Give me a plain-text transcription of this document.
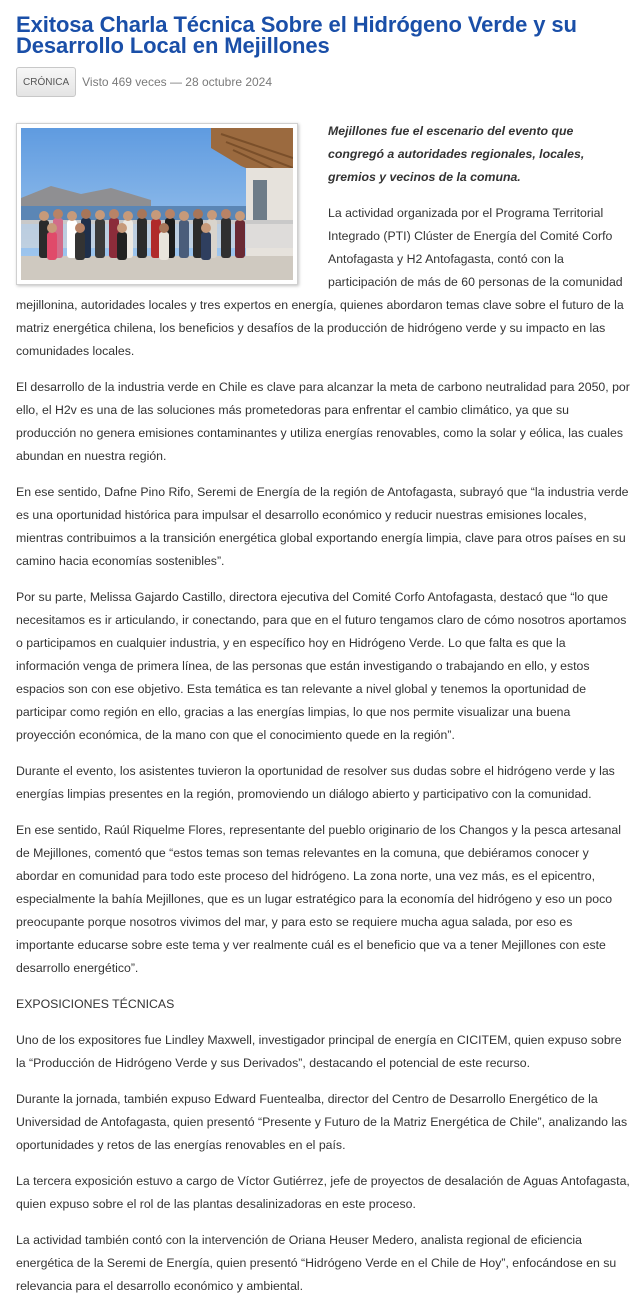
Exitosa Charla Técnica Sobre el Hidrógeno Verde y su Desarrollo Local en Mejillones
CRÓNICA	Visto 469 veces — 28 octubre 2024

Mejillones fue el escenario del evento que congregó a autoridades regionales, locales, gremios y vecinos de la comuna.

La actividad organizada por el Programa Territorial Integrado (PTI) Clúster de Energía del Comité Corfo Antofagasta y H2 Antofagasta, contó con la participación de más de 60 personas de la comunidad mejillonina, autoridades locales y tres expertos en energía, quienes abordaron temas clave sobre el futuro de la matriz energética chilena, los beneficios y desafíos de la producción de hidrógeno verde y su impacto en las comunidades locales.

El desarrollo de la industria verde en Chile es clave para alcanzar la meta de carbono neutralidad para 2050, por ello, el H2v es una de las soluciones más prometedoras para enfrentar el cambio climático, ya que su producción no genera emisiones contaminantes y utiliza energías renovables, como la solar y eólica, las cuales abundan en nuestra región.

En ese sentido, Dafne Pino Rifo, Seremi de Energía de la región de Antofagasta, subrayó que “la industria verde es una oportunidad histórica para impulsar el desarrollo económico y reducir nuestras emisiones locales, mientras contribuimos a la transición energética global exportando energía limpia, clave para otros países en su camino hacia economías sostenibles”.

Por su parte, Melissa Gajardo Castillo, directora ejecutiva del Comité Corfo Antofagasta, destacó que “lo que necesitamos es ir articulando, ir conectando, para que en el futuro tengamos claro de cómo nosotros aportamos o participamos en cualquier industria, y en específico hoy en Hidrógeno Verde. Lo que falta es que la información venga de primera línea, de las personas que están investigando o trabajando en ello, y estos espacios son con ese objetivo. Esta temática es tan relevante a nivel global y tenemos la oportunidad de participar como región en ello, gracias a las energías limpias, lo que nos permite visualizar una buena proyección económica, de la mano con que el conocimiento quede en la región”.

Durante el evento, los asistentes tuvieron la oportunidad de resolver sus dudas sobre el hidrógeno verde y las energías limpias presentes en la región, promoviendo un diálogo abierto y participativo con la comunidad.

En ese sentido, Raúl Riquelme Flores, representante del pueblo originario de los Changos y la pesca artesanal de Mejillones, comentó que “estos temas son temas relevantes en la comuna, que debiéramos conocer y abordar en comunidad para todo este proceso del hidrógeno. La zona norte, una vez más, es el epicentro, especialmente la bahía Mejillones, que es un lugar estratégico para la economía del hidrógeno y eso un poco preocupante porque nosotros vivimos del mar, y para esto se requiere mucha agua salada, por eso es importante educarse sobre este tema y ver realmente cuál es el beneficio que va a tener Mejillones con este desarrollo energético”.

EXPOSICIONES TÉCNICAS

Uno de los expositores fue Lindley Maxwell, investigador principal de energía en CICITEM, quien expuso sobre la “Producción de Hidrógeno Verde y sus Derivados”, destacando el potencial de este recurso.

Durante la jornada, también expuso Edward Fuentealba, director del Centro de Desarrollo Energético de la Universidad de Antofagasta, quien presentó “Presente y Futuro de la Matriz Energética de Chile”, analizando las oportunidades y retos de las energías renovables en el país.

La tercera exposición estuvo a cargo de Víctor Gutiérrez, jefe de proyectos de desalación de Aguas Antofagasta, quien expuso sobre el rol de las plantas desalinizadoras en este proceso.

La actividad también contó con la intervención de Oriana Heuser Medero, analista regional de eficiencia energética de la Seremi de Energía, quien presentó “Hidrógeno Verde en el Chile de Hoy”, enfocándose en su relevancia para el desarrollo económico y ambiental.
